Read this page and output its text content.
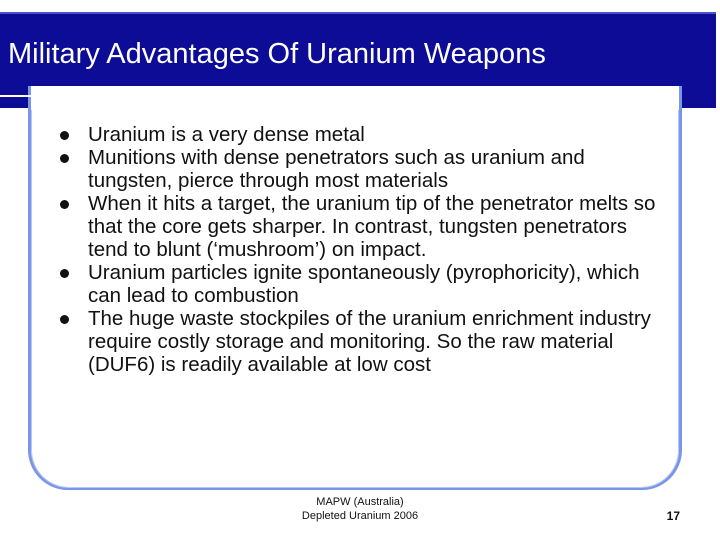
Military Advantages Of Uranium Weapons
Uranium is a very dense metal
Munitions with dense penetrators such as uranium and tungsten, pierce through most materials
When it hits a target, the uranium tip of the penetrator melts so that the core gets sharper. In contrast, tungsten penetrators tend to blunt (‘mushroom’) on impact.
Uranium particles ignite spontaneously (pyrophoricity), which can lead to combustion
The huge waste stockpiles of the uranium enrichment industry require costly storage and monitoring. So the raw material (DUF6) is readily available at low cost
MAPW (Australia)
Depleted Uranium 2006	17
